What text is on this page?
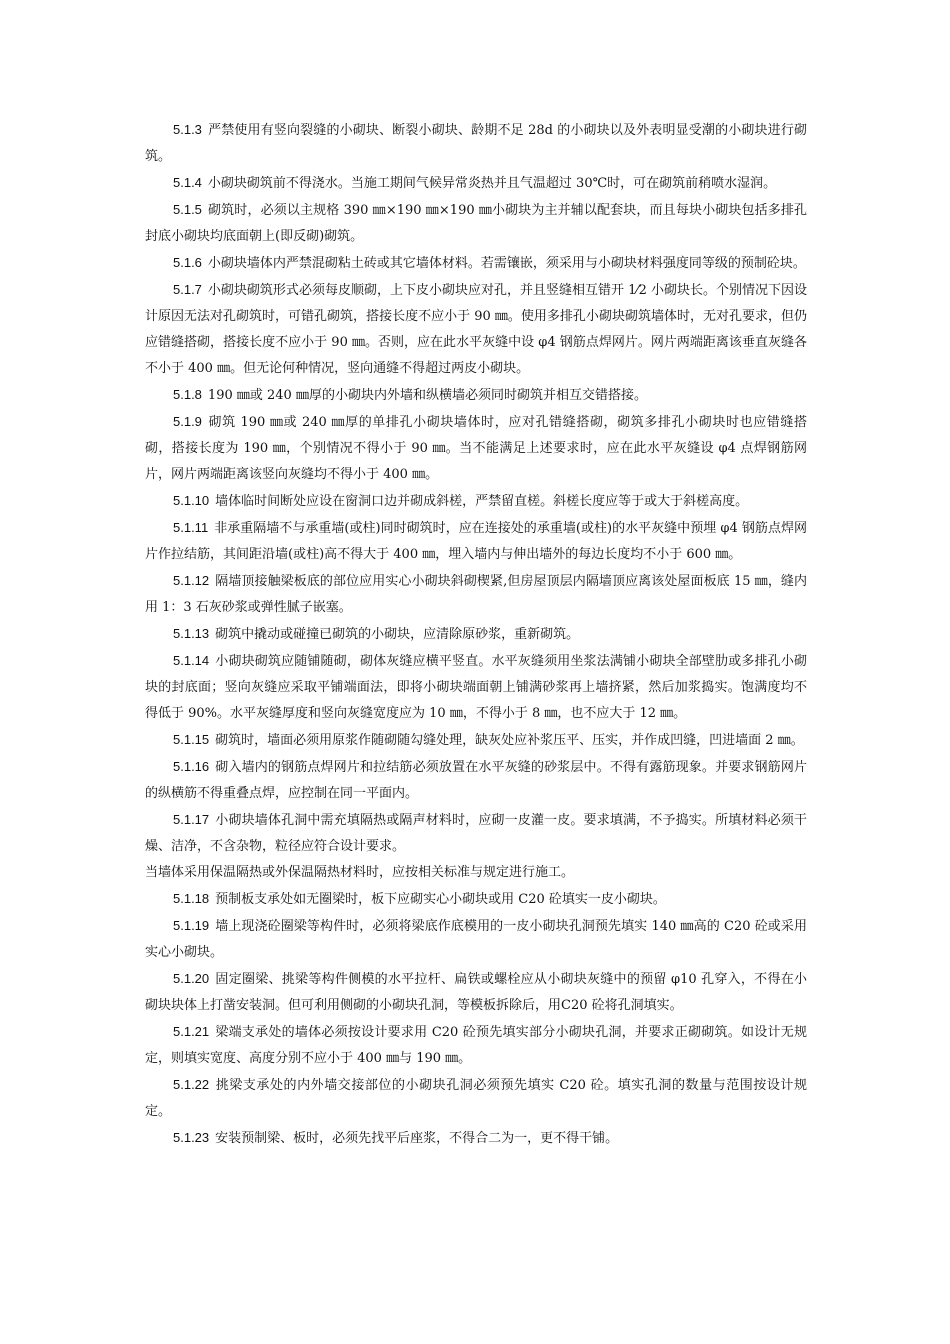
5.1.3 严禁使用有竖向裂缝的小砌块、断裂小砌块、龄期不足 28d 的小砌块以及外表明显受潮的小砌块进行砌筑。

5.1.4 小砌块砌筑前不得浇水。当施工期间气候异常炎热并且气温超过 30℃时，可在砌筑前稍喷水湿润。

5.1.5 砌筑时，必须以主规格 390 ㎜×190 ㎜×190 ㎜小砌块为主并辅以配套块，而且每块小砌块包括多排孔封底小砌块均底面朝上(即反砌)砌筑。

5.1.6 小砌块墙体内严禁混砌粘土砖或其它墙体材料。若需镶嵌，须采用与小砌块材料强度同等级的预制砼块。

5.1.7 小砌块砌筑形式必须每皮顺砌，上下皮小砌块应对孔，并且竖缝相互错开 1⁄2 小砌块长。个别情况下因设计原因无法对孔砌筑时，可错孔砌筑，搭接长度不应小于 90 ㎜。使用多排孔小砌块砌筑墙体时，无对孔要求，但仍应错缝搭砌，搭接长度不应小于 90 ㎜。否则，应在此水平灰缝中设 φ4 钢筋点焊网片。网片两端距离该垂直灰缝各不小于 400 ㎜。但无论何种情况，竖向通缝不得超过两皮小砌块。

5.1.8 190 ㎜或 240 ㎜厚的小砌块内外墙和纵横墙必须同时砌筑并相互交错搭接。

5.1.9 砌筑 190 ㎜或 240 ㎜厚的单排孔小砌块墙体时，应对孔错缝搭砌，砌筑多排孔小砌块时也应错缝搭砌，搭接长度为 190 ㎜，个别情况不得小于 90 ㎜。当不能满足上述要求时，应在此水平灰缝设 φ4 点焊钢筋网片，网片两端距离该竖向灰缝均不得小于 400 ㎜。

5.1.10 墙体临时间断处应设在窗洞口边并砌成斜槎，严禁留直槎。斜槎长度应等于或大于斜槎高度。

5.1.11 非承重隔墙不与承重墙(或柱)同时砌筑时，应在连接处的承重墙(或柱)的水平灰缝中预埋 φ4 钢筋点焊网片作拉结筋，其间距沿墙(或柱)高不得大于 400 ㎜，埋入墙内与伸出墙外的每边长度均不小于 600 ㎜。

5.1.12 隔墙顶接触梁板底的部位应用实心小砌块斜砌楔紧,但房屋顶层内隔墙顶应离该处屋面板底 15 ㎜，缝内用 1：3 石灰砂浆或弹性腻子嵌塞。

5.1.13 砌筑中撬动或碰撞已砌筑的小砌块，应清除原砂浆，重新砌筑。

5.1.14 小砌块砌筑应随铺随砌，砌体灰缝应横平竖直。水平灰缝须用坐浆法满铺小砌块全部壁肋或多排孔小砌块的封底面；竖向灰缝应采取平铺端面法，即将小砌块端面朝上铺满砂浆再上墙挤紧，然后加浆捣实。饱满度均不得低于 90%。水平灰缝厚度和竖向灰缝宽度应为 10 ㎜，不得小于 8 ㎜，也不应大于 12 ㎜。

5.1.15 砌筑时，墙面必须用原浆作随砌随勾缝处理，缺灰处应补浆压平、压实，并作成凹缝，凹进墙面 2 ㎜。

5.1.16 砌入墙内的钢筋点焊网片和拉结筋必须放置在水平灰缝的砂浆层中。不得有露筋现象。并要求钢筋网片的纵横筋不得重叠点焊，应控制在同一平面内。

5.1.17 小砌块墙体孔洞中需充填隔热或隔声材料时，应砌一皮灌一皮。要求填满，不予捣实。所填材料必须干燥、洁净，不含杂物，粒径应符合设计要求。

当墙体采用保温隔热或外保温隔热材料时，应按相关标准与规定进行施工。

5.1.18 预制板支承处如无圈梁时，板下应砌实心小砌块或用 C20 砼填实一皮小砌块。

5.1.19 墙上现浇砼圈梁等构件时，必须将梁底作底模用的一皮小砌块孔洞预先填实 140 ㎜高的 C20 砼或采用实心小砌块。

5.1.20 固定圈梁、挑梁等构件侧模的水平拉杆、扁铁或螺栓应从小砌块灰缝中的预留 φ10 孔穿入，不得在小砌块块体上打凿安装洞。但可利用侧砌的小砌块孔洞，等模板拆除后，用C20 砼将孔洞填实。

5.1.21 梁端支承处的墙体必须按设计要求用 C20 砼预先填实部分小砌块孔洞，并要求正砌砌筑。如设计无规定，则填实宽度、高度分别不应小于 400 ㎜与 190 ㎜。

5.1.22 挑梁支承处的内外墙交接部位的小砌块孔洞必须预先填实 C20 砼。填实孔洞的数量与范围按设计规定。

5.1.23 安装预制梁、板时，必须先找平后座浆，不得合二为一，更不得干铺。
